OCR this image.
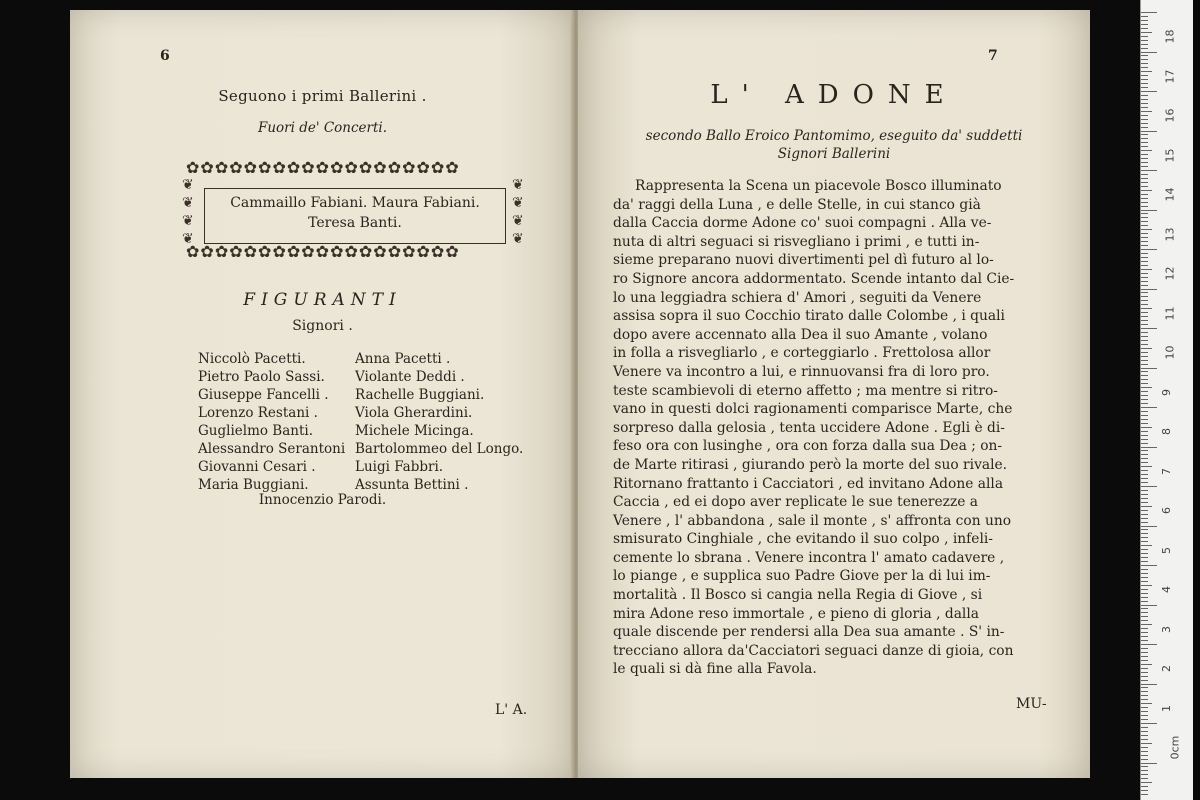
6
Seguono i primi Ballerini .
Fuori de' Concerti.
✿✿✿✿✿✿✿✿✿✿✿✿✿✿✿✿✿✿✿
✿✿✿✿✿✿✿✿✿✿✿✿✿✿✿✿✿✿✿
❦
❦
❦
❦
❦
❦
❦
❦
Cammaillo Fabiani. Maura Fabiani.
Teresa Banti.
FIGURANTI
Signori .
Niccolò Pacetti.
Pietro Paolo Sassi.
Giuseppe Fancelli .
Lorenzo Restani .
Guglielmo Banti.
Alessandro Serantoni
Giovanni Cesari .
Maria Buggiani.
Anna Pacetti .
Violante Deddi .
Rachelle Buggiani.
Viola Gherardini.
Michele Micinga.
Bartolommeo del Longo.
Luigi Fabbri.
Assunta Bettini .
Innocenzio Parodi.
L' A.
7
L' ADONE
secondo Ballo Eroico Pantomimo, eseguito da' suddetti
Signori Ballerini
Rappresenta la Scena un piacevole Bosco illuminato
da' raggi della Luna , e delle Stelle, in cui stanco già
dalla Caccia dorme Adone co' suoi compagni . Alla ve-
nuta di altri seguaci si risvegliano i primi , e tutti in-
sieme preparano nuovi divertimenti pel dì futuro al lo-
ro Signore ancora addormentato. Scende intanto dal Cie-
lo una leggiadra schiera d' Amori , seguiti da Venere
assisa sopra il suo Cocchio tirato dalle Colombe , i quali
dopo avere accennato alla Dea il suo Amante , volano
in folla a risvegliarlo , e corteggiarlo . Frettolosa allor
Venere va incontro a lui, e rinnuovansi fra di loro pro.
teste scambievoli di eterno affetto ; ma mentre si ritro-
vano in questi dolci ragionamenti comparisce Marte, che
sorpreso dalla gelosia , tenta uccidere Adone . Egli è di-
feso ora con lusinghe , ora con forza dalla sua Dea ; on-
de Marte ritirasi , giurando però la morte del suo rivale.
Ritornano frattanto i Cacciatori , ed invitano Adone alla
Caccia , ed ei dopo aver replicate le sue tenerezze a
Venere , l' abbandona , sale il monte , s' affronta con uno
smisurato Cinghiale , che evitando il suo colpo , infeli-
cemente lo sbrana . Venere incontra l' amato cadavere ,
lo piange , e supplica suo Padre Giove per la di lui im-
mortalità . Il Bosco si cangia nella Regia di Giove , si
mira Adone reso immortale , e pieno di gloria , dalla
quale discende per rendersi alla Dea sua amante . S' in-
trecciano allora da'Cacciatori seguaci danze di gioia, con
le quali si dà fine alla Favola.
MU-
18
17
16
15
14
13
12
11
10
9
8
7
6
5
4
3
2
1
0cm
